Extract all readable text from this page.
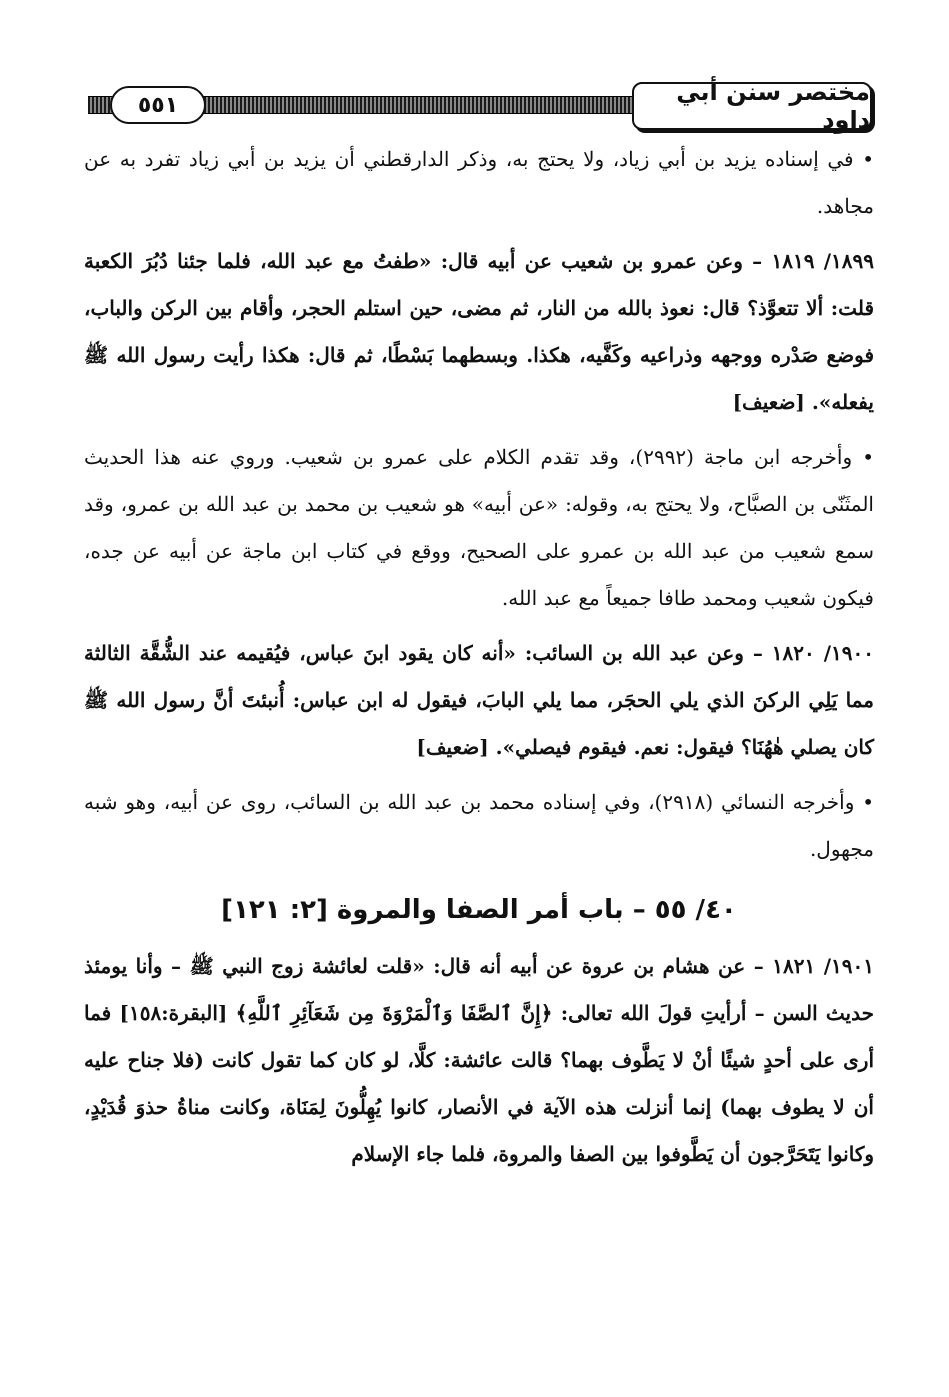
٥٥١	مختصر سنن أبي داود

• في إسناده يزيد بن أبي زياد، ولا يحتج به، وذكر الدارقطني أن يزيد بن أبي زياد تفرد به عن مجاهد.

١٨٩٩/ ١٨١٩ – وعن عمرو بن شعيب عن أبيه قال: «طفتُ مع عبد الله، فلما جئنا دُبُرَ الكعبة قلت: ألا تتعوَّذ؟ قال: نعوذ بالله من النار، ثم مضى، حين استلم الحجر، وأقام بين الركن والباب، فوضع صَدْره ووجهه وذراعيه وكَفَّيه، هكذا. وبسطهما بَسْطًا، ثم قال: هكذا رأيت رسول الله ﷺ يفعله». [ضعيف]

• وأخرجه ابن ماجة (٢٩٩٢)، وقد تقدم الكلام على عمرو بن شعيب. وروي عنه هذا الحديث المثَنّى بن الصبَّاح، ولا يحتج به، وقوله: «عن أبيه» هو شعيب بن محمد بن عبد الله بن عمرو، وقد سمع شعيب من عبد الله بن عمرو على الصحيح، ووقع في كتاب ابن ماجة عن أبيه عن جده، فيكون شعيب ومحمد طافا جميعاً مع عبد الله.

١٩٠٠/ ١٨٢٠ – وعن عبد الله بن السائب: «أنه كان يقود ابنَ عباس، فيُقيمه عند الشُّقَّة الثالثة مما يَلِي الركنَ الذي يلي الحجَر، مما يلي البابَ، فيقول له ابن عباس: أُنبئتَ أنَّ رسول الله ﷺ كان يصلي هٰهُنَا؟ فيقول: نعم. فيقوم فيصلي». [ضعيف]

• وأخرجه النسائي (٢٩١٨)، وفي إسناده محمد بن عبد الله بن السائب، روى عن أبيه، وهو شبه مجهول.

٤٠/ ٥٥ – باب أمر الصفا والمروة [٢: ١٢١]

١٩٠١/ ١٨٢١ – عن هشام بن عروة عن أبيه أنه قال: «قلت لعائشة زوج النبي ﷺ – وأنا يومئذ حديث السن – أرأيتِ قولَ الله تعالى: ﴿إِنَّ ٱلصَّفَا وَٱلْمَرْوَةَ مِن شَعَآئِرِ ٱللَّهِ﴾ [البقرة:١٥٨] فما أرى على أحدٍ شيئًا أنْ لا يَطَّوف بهما؟ قالت عائشة: كلَّا، لو كان كما تقول كانت (فلا جناح عليه أن لا يطوف بهما) إنما أنزلت هذه الآية في الأنصار، كانوا يُهِلُّونَ لِمَنَاة، وكانت مناةُ حذوَ قُدَيْدٍ، وكانوا يَتَحَرَّجون أن يَطَّوفوا بين الصفا والمروة، فلما جاء الإسلام
